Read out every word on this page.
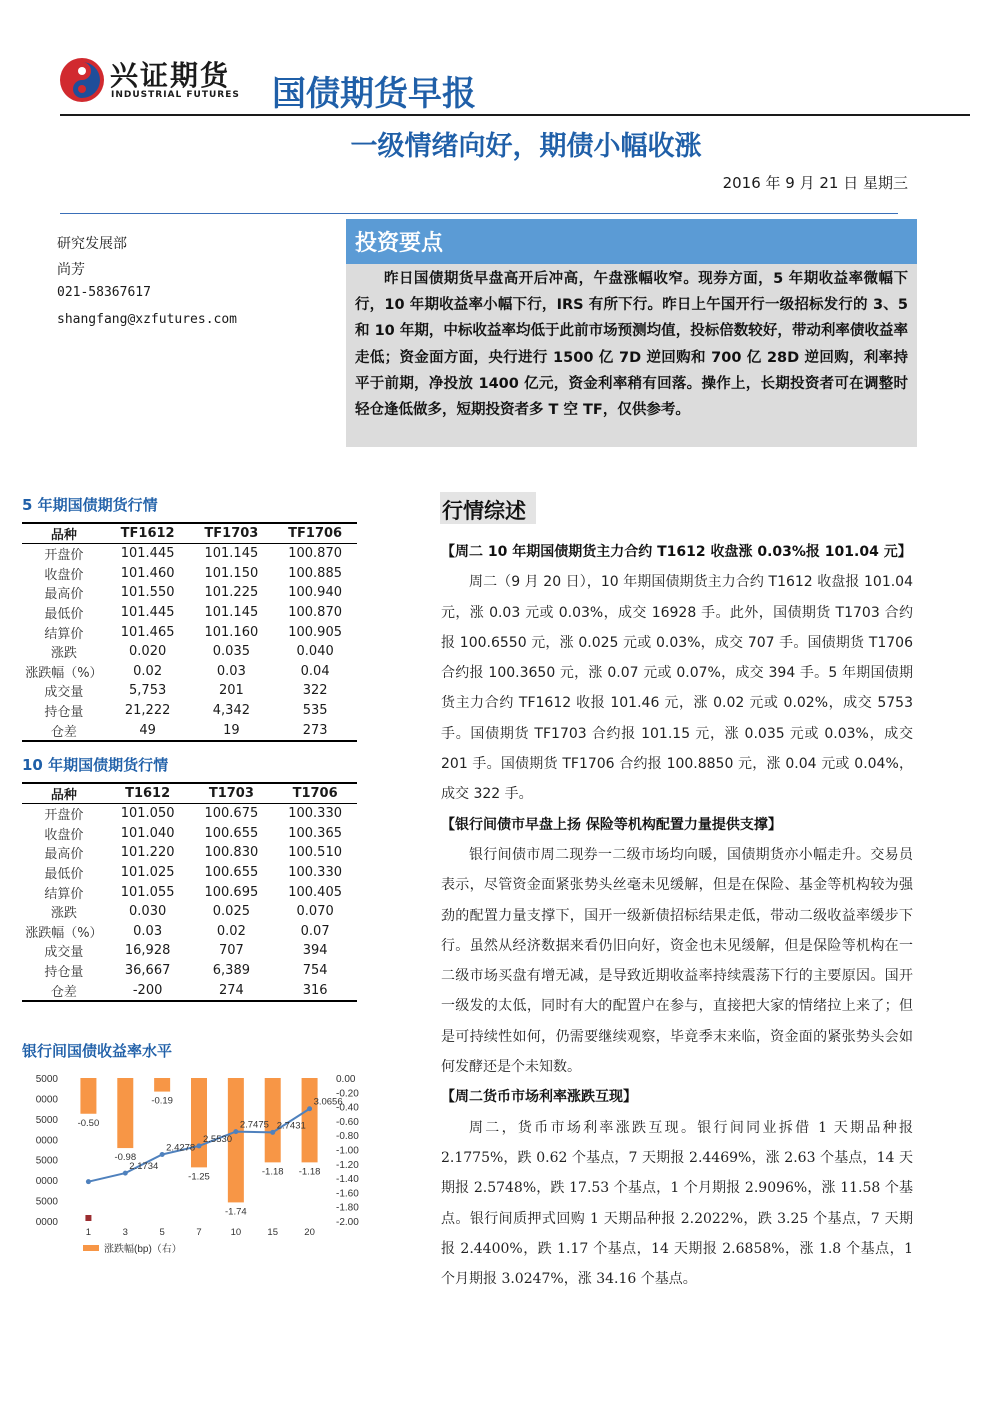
兴证期货
INDUSTRIAL FUTURES 国债期货早报
一级情绪向好，期债小幅收涨
2016 年 9 月 21 日 星期三
研究发展部
尚芳
021-58367617
shangfang@xzfutures.com
投资要点
昨日国债期货早盘高开后冲高，午盘涨幅收窄。现券方面，5 年期收益率微幅下行，10 年期收益率小幅下行，IRS 有所下行。昨日上午国开行一级招标发行的 3、5 和 10 年期，中标收益率均低于此前市场预测均值，投标倍数较好，带动利率债收益率走低；资金面方面，央行进行 1500 亿 7D 逆回购和 700 亿 28D 逆回购，利率持平于前期，净投放 1400 亿元，资金利率稍有回落。操作上，长期投资者可在调整时轻仓逢低做多，短期投资者多 T 空 TF，仅供参考。
5 年期国债期货行情
品种	TF1612	TF1703	TF1706
开盘价	101.445	101.145	100.870
收盘价	101.460	101.150	100.885
最高价	101.550	101.225	100.940
最低价	101.445	101.145	100.870
结算价	101.465	101.160	100.905
涨跌	0.020	0.035	0.040
涨跌幅（%）	0.02	0.03	0.04
成交量	5,753	201	322
持仓量	21,222	4,342	535
仓差	49	19	273
10 年期国债期货行情
品种	T1612	T1703	T1706
开盘价	101.050	100.675	100.330
收盘价	101.040	100.655	100.365
最高价	101.220	100.830	100.510
最低价	101.025	100.655	100.330
结算价	101.055	100.695	100.405
涨跌	0.030	0.025	0.070
涨跌幅（%）	0.03	0.02	0.07
成交量	16,928	707	394
持仓量	36,667	6,389	754
仓差	-200	274	316
银行间国债收益率水平
5000
0000
5000
0000
5000
0000
5000
0000
0.00
-0.20
-0.40
-0.60
-0.80
-1.00
-1.20
-1.40
-1.60
-1.80
-2.00
-0.50
-0.98
-0.19
-1.25
-1.74
-1.18 -1.18
2.1734
2.4278
2.5530
2.7475 2.7431
3.0656
1	3	5	7	10	15	20
涨跌幅(bp)（右）
行情综述
【周二 10 年期国债期货主力合约 T1612 收盘涨 0.03%报 101.04 元】
周二（9 月 20 日），10 年期国债期货主力合约 T1612 收盘报 101.04 元，涨 0.03 元或 0.03%，成交 16928 手。此外，国债期货 T1703 合约报 100.6550 元，涨 0.025 元或 0.03%，成交 707 手。国债期货 T1706 合约报 100.3650 元，涨 0.07 元或 0.07%，成交 394 手。5 年期国债期货主力合约 TF1612 收报 101.46 元，涨 0.02 元或 0.02%，成交 5753 手。国债期货 TF1703 合约报 101.15 元，涨 0.035 元或 0.03%，成交 201 手。国债期货 TF1706 合约报 100.8850 元，涨 0.04 元或 0.04%，成交 322 手。
【银行间债市早盘上扬 保险等机构配置力量提供支撑】
银行间债市周二现券一二级市场均向暖，国债期货亦小幅走升。交易员表示，尽管资金面紧张势头丝毫未见缓解，但是在保险、基金等机构较为强劲的配置力量支撑下，国开一级新债招标结果走低，带动二级收益率缓步下行。虽然从经济数据来看仍旧向好，资金也未见缓解，但是保险等机构在一二级市场买盘有增无减，是导致近期收益率持续震荡下行的主要原因。国开一级发的太低，同时有大的配置户在参与，直接把大家的情绪拉上来了；但是可持续性如何，仍需要继续观察，毕竟季末来临，资金面的紧张势头会如何发酵还是个未知数。
【周二货币市场利率涨跌互现】
周二，货币市场利率涨跌互现。银行间同业拆借 1 天期品种报 2.1775%，跌 0.62 个基点，7 天期报 2.4469%，涨 2.63 个基点，14 天期报 2.5748%，跌 17.53 个基点，1 个月期报 2.9096%，涨 11.58 个基点。银行间质押式回购 1 天期品种报 2.2022%，跌 3.25 个基点，7 天期报 2.4400%，跌 1.17 个基点，14 天期报 2.6858%，涨 1.8 个基点，1 个月期报 3.0247%，涨 34.16 个基点。
